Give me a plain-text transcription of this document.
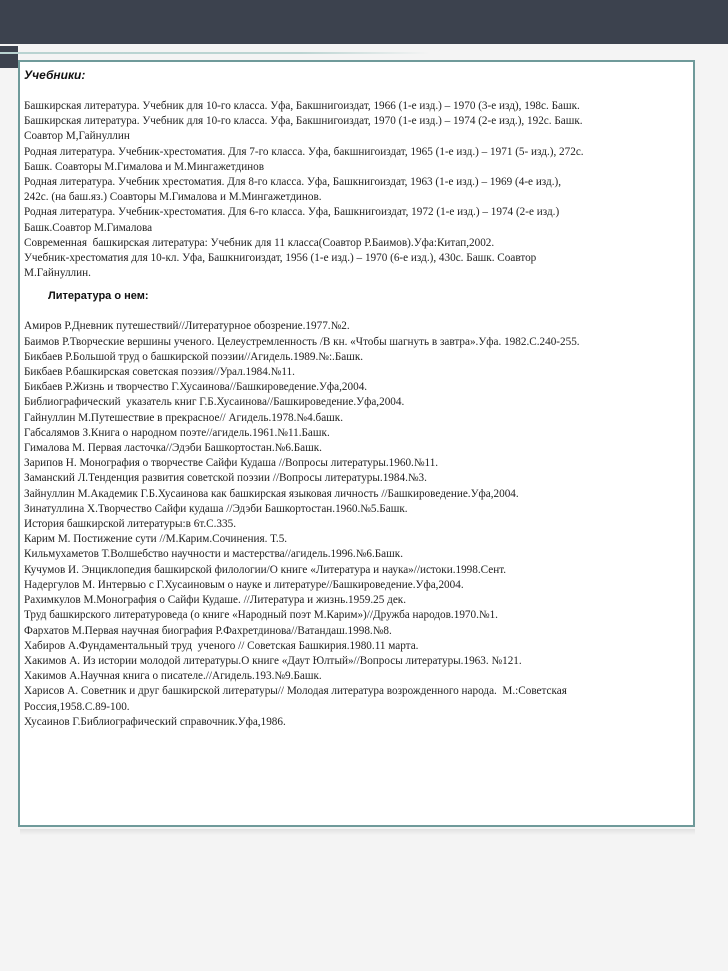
Учебники:

Башкирская литература. Учебник для 10-го класса. Уфа, Бакшнигоиздат, 1966 (1-е изд.) – 1970 (3-е изд), 198с. Башк.

Башкирская литература. Учебник для 10-го класса. Уфа, Бакшнигоиздат, 1970 (1-е изд.) – 1974 (2-е изд.), 192с. Башк.

Соавтор М,Гайнуллин

Родная литература. Учебник-хрестоматия. Для 7-го класса. Уфа, бакшнигоиздат, 1965 (1-е изд.) – 1971 (5- изд.), 272с.

Башк. Соавторы М.Гималова и М.Мингажетдинов

Родная литература. Учебник хрестоматия. Для 8-го класса. Уфа, Башкнигоиздат, 1963 (1-е изд.) – 1969 (4-е изд.),

242с. (на баш.яз.) Соавторы М.Гималова и М.Мингажетдинов.

Родная литература. Учебник-хрестоматия. Для 6-го класса. Уфа, Башкнигоиздат, 1972 (1-е изд.) – 1974 (2-е изд.)

Башк.Соавтор М.Гималова

Современная  башкирская литература: Учебник для 11 класса(Соавтор Р.Баимов).Уфа:Китап,2002.

Учебник-хрестоматия для 10-кл. Уфа, Башкнигоиздат, 1956 (1-е изд.) – 1970 (6-е изд.), 430с. Башк. Соавтор

М.Гайнуллин.

Литература о нем:

Амиров Р.Дневник путешествий//Литературное обозрение.1977.№2.

Баимов Р.Творческие вершины ученого. Целеустремленность /В кн. «Чтобы шагнуть в завтра».Уфа. 1982.С.240-255.

Бикбаев Р.Большой труд о башкирской поэзии//Агидель.1989.№:.Башк.

Бикбаев Р.башкирская советская поэзия//Урал.1984.№11.

Бикбаев Р.Жизнь и творчество Г.Хусаинова//Башкироведение.Уфа,2004.

Библиографический  указатель книг Г.Б.Хусаинова//Башкироведение.Уфа,2004.

Гайнуллин М.Путешествие в прекрасное// Агидель.1978.№4.башк.

Габсалямов З.Книга о народном поэте//агидель.1961.№11.Башк.

Гималова М. Первая ласточка//Эдэби Башкортостан.№6.Башк.

Зарипов Н. Монография о творчестве Сайфи Кудаша //Вопросы литературы.1960.№11.

Заманский Л.Тенденция развития советской поэзии //Вопросы литературы.1984.№3.

Зайнуллин М.Академик Г.Б.Хусаинова как башкирская языковая личность //Башкироведение.Уфа,2004.

Зинатуллина Х.Творчество Сайфи кудаша //Эдэби Башкортостан.1960.№5.Башк.

История башкирской литературы:в 6т.С.335.

Карим М. Постижение сути //М.Карим.Сочинения. Т.5.

Кильмухаметов Т.Волшебство научности и мастерства//агидель.1996.№6.Башк.

Кучумов И. Энциклопедия башкирской филологии/О книге «Литература и наука»//истоки.1998.Сент.

Надергулов М. Интервью с Г.Хусаиновым о науке и литературе//Башкироведение.Уфа,2004.

Рахимкулов М.Монография о Сайфи Кудаше. //Литература и жизнь.1959.25 дек.

Труд башкирского литературоведа (о книге «Народный поэт М.Карим»)//Дружба народов.1970.№1.

Фархатов М.Первая научная биография Р.Фахретдинова//Ватандаш.1998.№8.

Хабиров А.Фундаментальный труд  ученого // Советская Башкирия.1980.11 марта.

Хакимов А. Из истории молодой литературы.О книге «Даут Юлтый»//Вопросы литературы.1963. №121.

Хакимов А.Научная книга о писателе.//Агидель.193.№9.Башк.

Харисов А. Советник и друг башкирской литературы// Молодая литература возрожденного народа.  М.:Советская

Россия,1958.С.89-100.

Хусаинов Г.Библиографический справочник.Уфа,1986.
